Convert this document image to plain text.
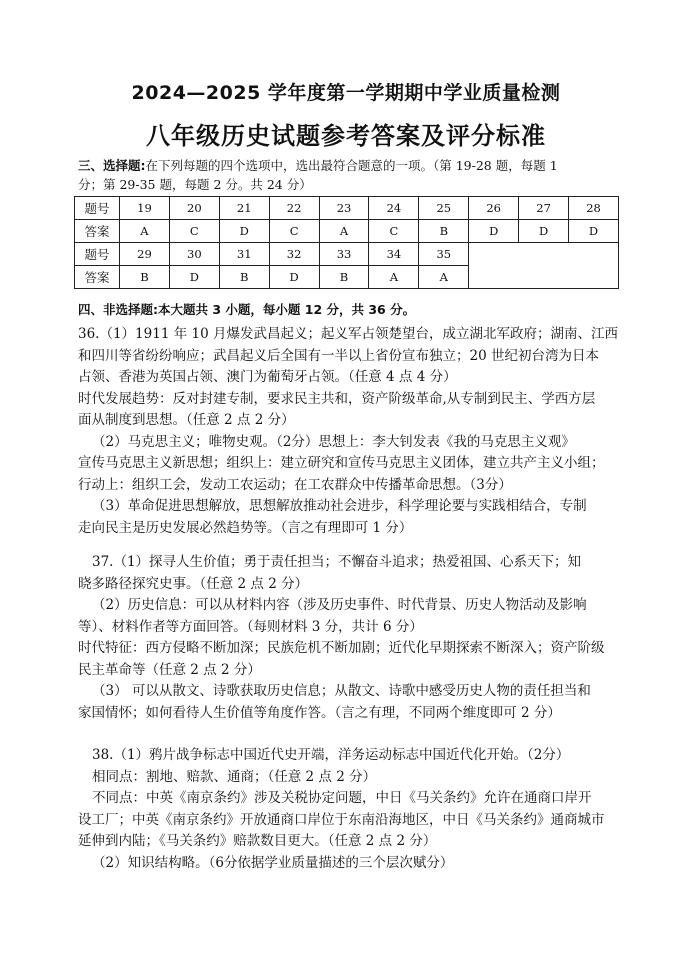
2024—2025 学年度第一学期期中学业质量检测
八年级历史试题参考答案及评分标准

三、选择题:在下列每题的四个选项中，选出最符合题意的一项。（第 19-28 题，每题 1

分；第 29-35 题，每题 2 分。共 24 分）

题号	19	20	21	22	23	24	25	26	27	28
答案	A	C	D	C	A	C	B	D	D	D
题号	29	30	31	32	33	34	35			
答案	B	D	B	D	B	A	A			

四、非选择题:本大题共 3 小题，每小题 12 分，共 36 分。

36.（1）1911 年 10 月爆发武昌起义；起义军占领楚望台，成立湖北军政府；湖南、江西

和四川等省纷纷响应；武昌起义后全国有一半以上省份宣布独立；20 世纪初台湾为日本

占领、香港为英国占领、澳门为葡萄牙占领。（任意 4 点 4 分）

时代发展趋势：反对封建专制，要求民主共和，资产阶级革命,从专制到民主、学西方层

面从制度到思想。（任意 2 点 2 分）

（2）马克思主义；唯物史观。（2分）思想上：李大钊发表《我的马克思主义观》

宣传马克思主义新思想；组织上：建立研究和宣传马克思主义团体，建立共产主义小组；

行动上：组织工会，发动工农运动；在工农群众中传播革命思想。（3分）

（3）革命促进思想解放，思想解放推动社会进步，科学理论要与实践相结合，专制

走向民主是历史发展必然趋势等。（言之有理即可 1 分）

37.（1）探寻人生价值；勇于责任担当；不懈奋斗追求；热爱祖国、心系天下；知

晓多路径探究史事。（任意 2 点 2 分）

（2）历史信息：可以从材料内容（涉及历史事件、时代背景、历史人物活动及影响

等）、材料作者等方面回答。（每则材料 3 分，共计 6 分）

时代特征：西方侵略不断加深；民族危机不断加剧；近代化早期探索不断深入；资产阶级

民主革命等（任意 2 点 2 分）

（3） 可以从散文、诗歌获取历史信息；从散文、诗歌中感受历史人物的责任担当和

家国情怀；如何看待人生价值等角度作答。（言之有理，不同两个维度即可 2 分）

38.（1）鸦片战争标志中国近代史开端，洋务运动标志中国近代化开始。（2分）

相同点：割地、赔款、通商；（任意 2 点 2 分）

不同点：中英《南京条约》涉及关税协定问题，中日《马关条约》允许在通商口岸开

设工厂；中英《南京条约》开放通商口岸位于东南沿海地区，中日《马关条约》通商城市

延伸到内陆；《马关条约》赔款数目更大。（任意 2 点 2 分）

（2）知识结构略。（6分依据学业质量描述的三个层次赋分）
